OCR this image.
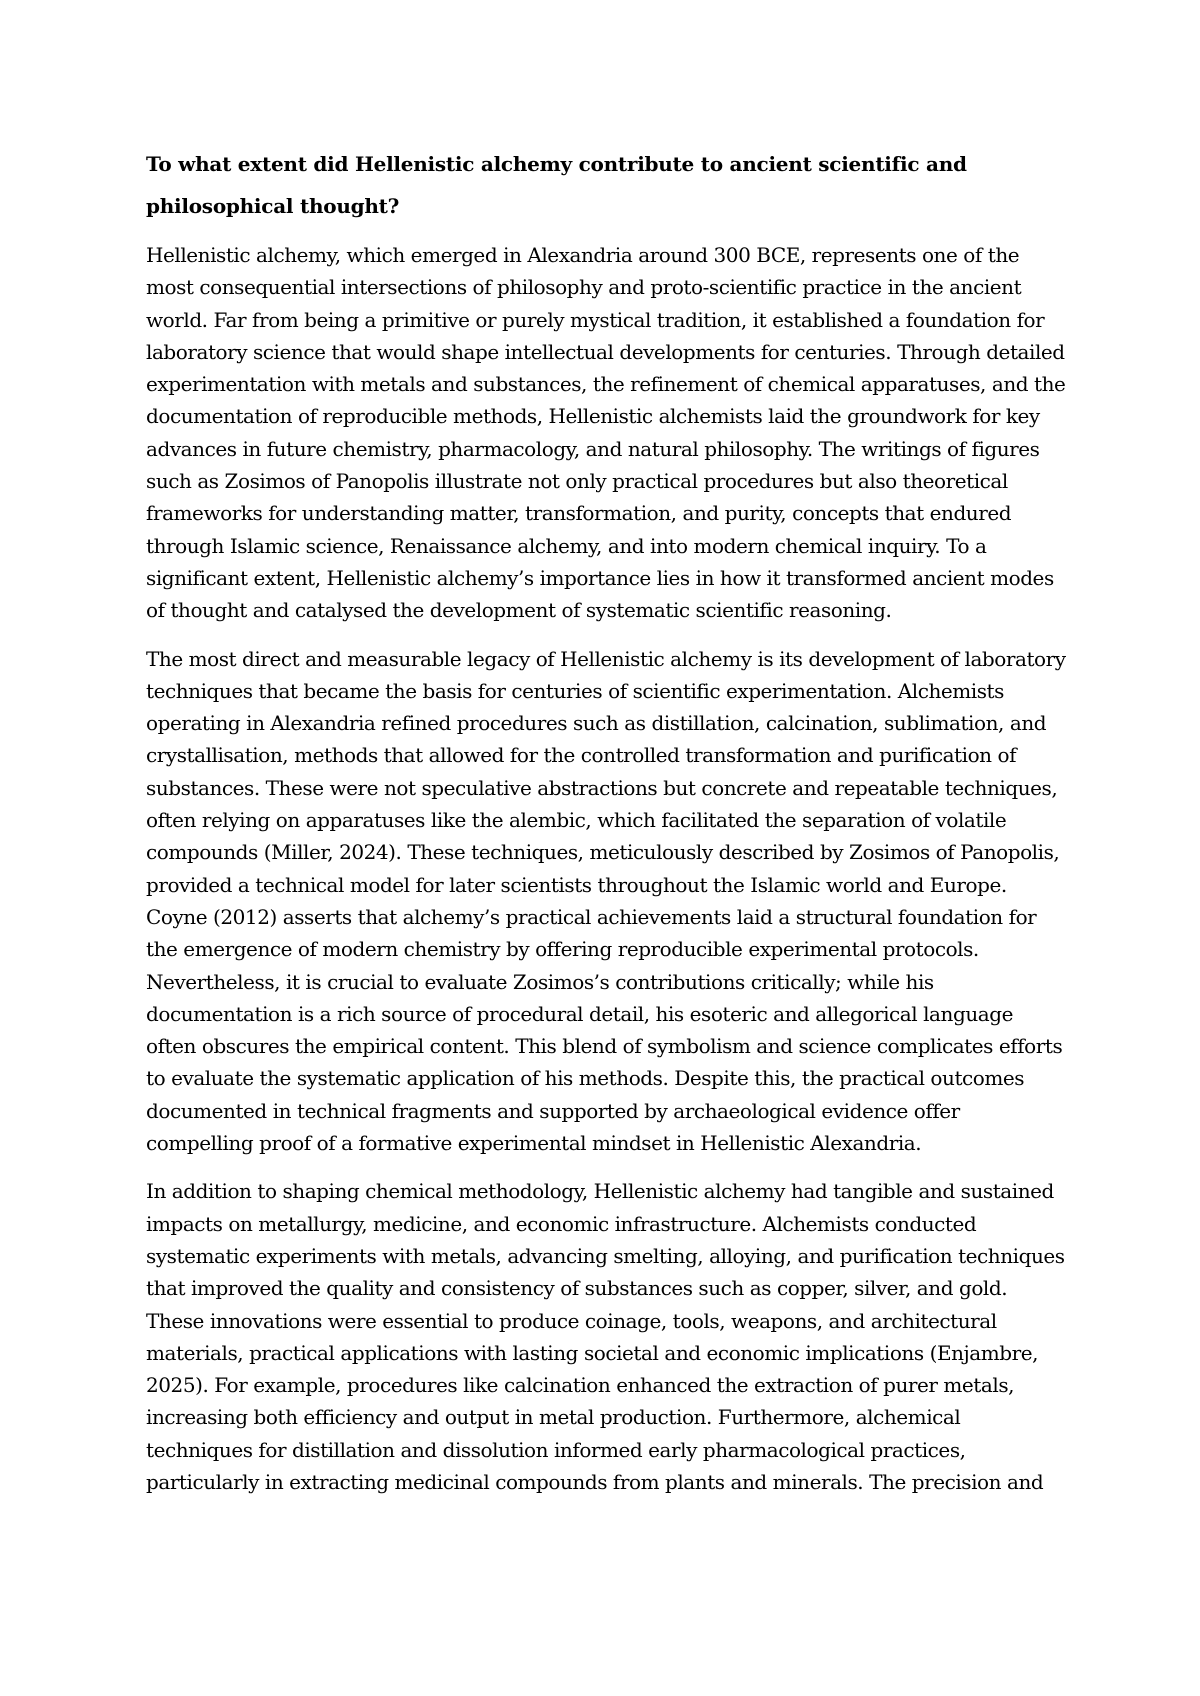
To what extent did Hellenistic alchemy contribute to ancient scientific and philosophical thought?

Hellenistic alchemy, which emerged in Alexandria around 300 BCE, represents one of the most consequential intersections of philosophy and proto-scientific practice in the ancient world. Far from being a primitive or purely mystical tradition, it established a foundation for laboratory science that would shape intellectual developments for centuries. Through detailed experimentation with metals and substances, the refinement of chemical apparatuses, and the documentation of reproducible methods, Hellenistic alchemists laid the groundwork for key advances in future chemistry, pharmacology, and natural philosophy. The writings of figures such as Zosimos of Panopolis illustrate not only practical procedures but also theoretical frameworks for understanding matter, transformation, and purity, concepts that endured through Islamic science, Renaissance alchemy, and into modern chemical inquiry. To a significant extent, Hellenistic alchemy’s importance lies in how it transformed ancient modes of thought and catalysed the development of systematic scientific reasoning.

The most direct and measurable legacy of Hellenistic alchemy is its development of laboratory techniques that became the basis for centuries of scientific experimentation. Alchemists operating in Alexandria refined procedures such as distillation, calcination, sublimation, and crystallisation, methods that allowed for the controlled transformation and purification of substances. These were not speculative abstractions but concrete and repeatable techniques, often relying on apparatuses like the alembic, which facilitated the separation of volatile compounds (Miller, 2024). These techniques, meticulously described by Zosimos of Panopolis, provided a technical model for later scientists throughout the Islamic world and Europe. Coyne (2012) asserts that alchemy’s practical achievements laid a structural foundation for the emergence of modern chemistry by offering reproducible experimental protocols. Nevertheless, it is crucial to evaluate Zosimos’s contributions critically; while his documentation is a rich source of procedural detail, his esoteric and allegorical language often obscures the empirical content. This blend of symbolism and science complicates efforts to evaluate the systematic application of his methods. Despite this, the practical outcomes documented in technical fragments and supported by archaeological evidence offer compelling proof of a formative experimental mindset in Hellenistic Alexandria.

In addition to shaping chemical methodology, Hellenistic alchemy had tangible and sustained impacts on metallurgy, medicine, and economic infrastructure. Alchemists conducted systematic experiments with metals, advancing smelting, alloying, and purification techniques that improved the quality and consistency of substances such as copper, silver, and gold. These innovations were essential to produce coinage, tools, weapons, and architectural materials, practical applications with lasting societal and economic implications (Enjambre, 2025). For example, procedures like calcination enhanced the extraction of purer metals, increasing both efficiency and output in metal production. Furthermore, alchemical techniques for distillation and dissolution informed early pharmacological practices, particularly in extracting medicinal compounds from plants and minerals. The precision and
